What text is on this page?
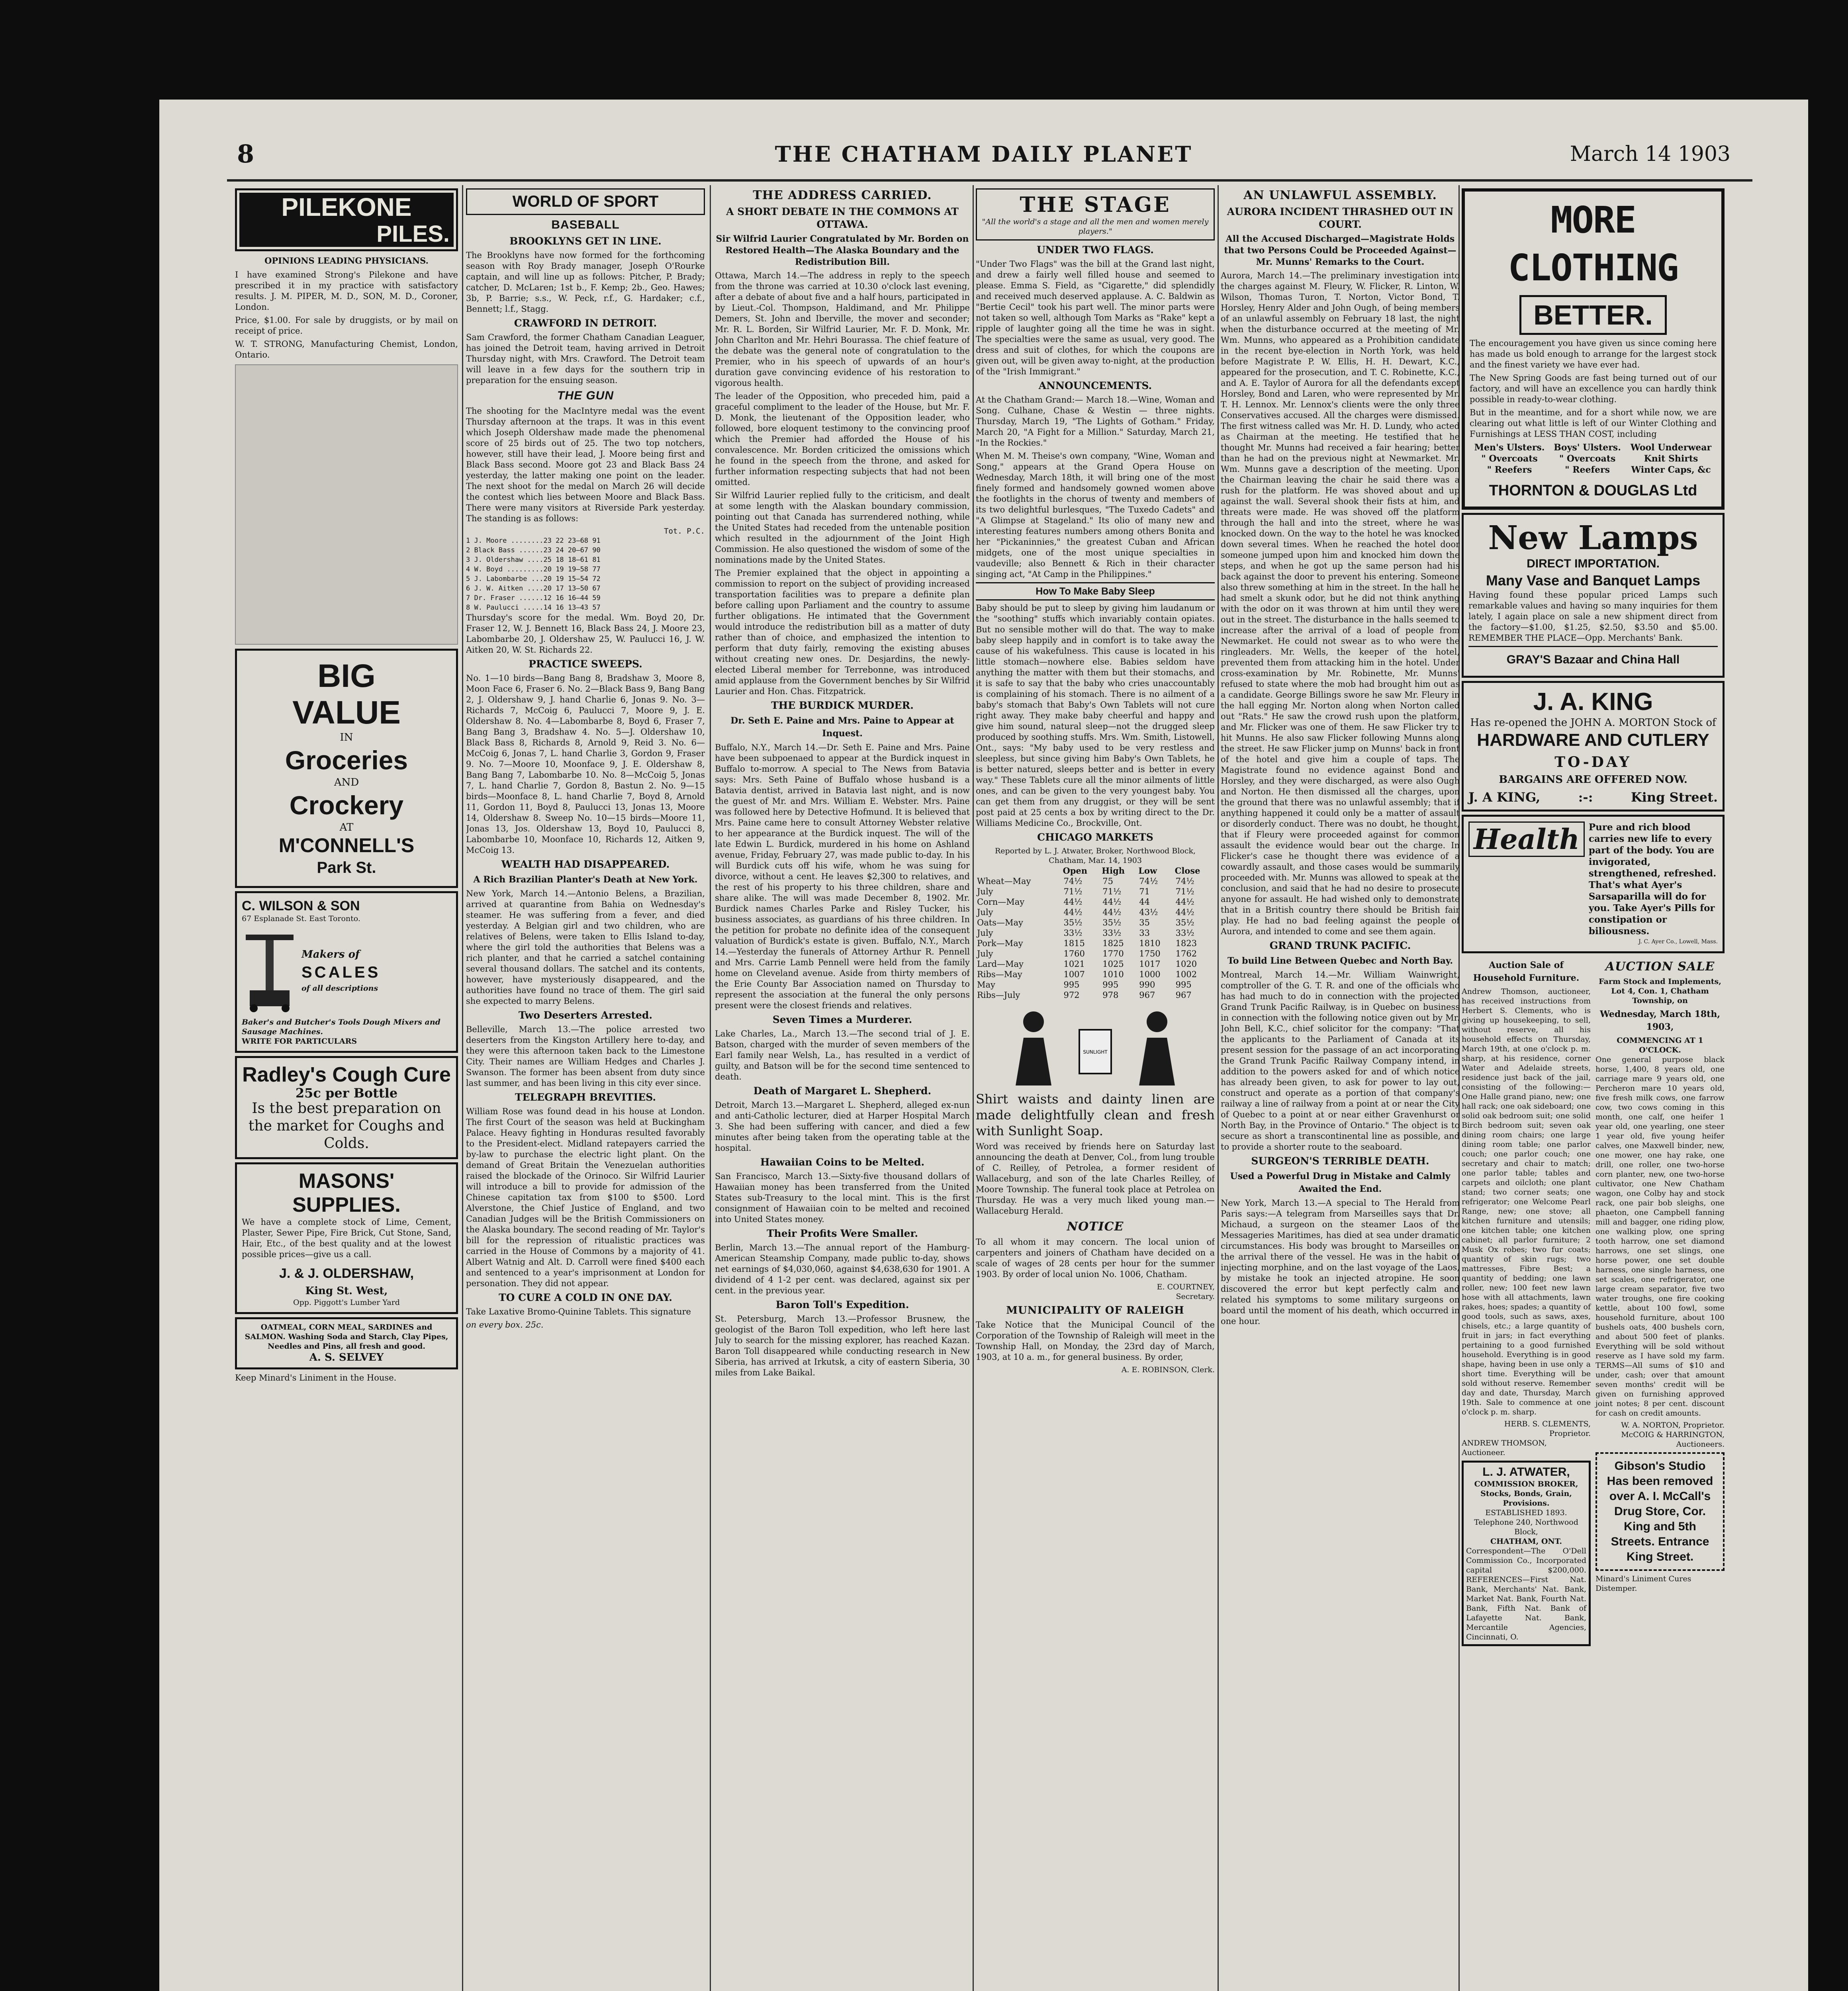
8	THE CHATHAM DAILY PLANET	March 14 1903
PILEKONE
PILES.
OPINIONS LEADING PHYSICIANS.

I have examined Strong's Pilekone and have prescribed it in my practice with satisfactory results. J. M. PIPER, M. D., SON, M. D., Coroner, London.

Price, $1.00. For sale by druggists, or by mail on receipt of price.

W. T. STRONG, Manufacturing Chemist, London, Ontario.

BIG
VALUE
IN
Groceries
AND
Crockery
AT
M'CONNELL'S
Park St.
C. WILSON & SON
67 Esplanade St. East Toronto.
Makers of
SCALES
of all descriptions
Baker's and Butcher's Tools Dough Mixers and Sausage Machines.
WRITE FOR PARTICULARS
Radley's Cough Cure
25c per Bottle
Is the best preparation on the market for Coughs and Colds.
MASONS' SUPPLIES.

We have a complete stock of Lime, Cement, Plaster, Sewer Pipe, Fire Brick, Cut Stone, Sand, Hair, Etc., of the best quality and at the lowest possible prices—give us a call.

J. & J. OLDERSHAW,
King St. West,
Opp. Piggott's Lumber Yard
OATMEAL, CORN MEAL, SARDINES and SALMON. Washing Soda and Starch, Clay Pipes, Needles and Pins, all fresh and good.
A. S. SELVEY

Keep Minard's Liniment in the House.

WORLD OF SPORT
BASEBALL
BROOKLYNS GET IN LINE.

The Brooklyns have now formed for the forthcoming season with Roy Brady manager, Joseph O'Rourke captain, and will line up as follows: Pitcher, P. Brady; catcher, D. McLaren; 1st b., F. Kemp; 2b., Geo. Hawes; 3b, P. Barrie; s.s., W. Peck, r.f., G. Hardaker; c.f., Bennett; l.f., Stagg.

CRAWFORD IN DETROIT.

Sam Crawford, the former Chatham Canadian Leaguer, has joined the Detroit team, having arrived in Detroit Thursday night, with Mrs. Crawford. The Detroit team will leave in a few days for the southern trip in preparation for the ensuing season.

THE GUN

The shooting for the MacIntyre medal was the event Thursday afternoon at the traps. It was in this event which Joseph Oldershaw made made the phenomenal score of 25 birds out of 25. The two top notchers, however, still have their lead, J. Moore being first and Black Bass second. Moore got 23 and Black Bass 24 yesterday, the latter making one point on the leader. The next shoot for the medal on March 26 will decide the contest which lies between Moore and Black Bass. There were many visitors at Riverside Park yesterday. The standing is as follows:

Tot. P.C.
1 J. Moore ........23 22 23—68 91
2 Black Bass ......23 24 20—67 90
3 J. Oldershaw ....25 18 18—61 81
4 W. Boyd .........20 19 19—58 77
5 J. Labombarbe ...20 19 15—54 72
6 J. W. Aitken ....20 17 13—50 67
7 Dr. Fraser ......12 16 16—44 59
8 W. Paulucci .....14 16 13—43 57

Thursday's score for the medal. Wm. Boyd 20, Dr. Fraser 12, W. J. Bennett 16, Black Bass 24, J. Moore 23, Labombarbe 20, J. Oldershaw 25, W. Paulucci 16, J. W. Aitken 20, W. St. Richards 22.

PRACTICE SWEEPS.

No. 1—10 birds—Bang Bang 8, Bradshaw 3, Moore 8, Moon Face 6, Fraser 6. No. 2—Black Bass 9, Bang Bang 2, J. Oldershaw 9, J. hand Charlie 6, Jonas 9. No. 3—Richards 7, McCoig 6, Paulucci 7, Moore 9, J. E. Oldershaw 8. No. 4—Labombarbe 8, Boyd 6, Fraser 7, Bang Bang 3, Bradshaw 4. No. 5—J. Oldershaw 10, Black Bass 8, Richards 8, Arnold 9, Reid 3. No. 6—McCoig 6, Jonas 7, L. hand Charlie 3, Gordon 9, Fraser 9. No. 7—Moore 10, Moonface 9, J. E. Oldershaw 8, Bang Bang 7, Labombarbe 10. No. 8—McCoig 5, Jonas 7, L. hand Charlie 7, Gordon 8, Bastun 2. No. 9—15 birds—Moonface 8, L. hand Charlie 7, Boyd 8, Arnold 11, Gordon 11, Boyd 8, Paulucci 13, Jonas 13, Moore 14, Oldershaw 8. Sweep No. 10—15 birds—Moore 11, Jonas 13, Jos. Oldershaw 13, Boyd 10, Paulucci 8, Labombarbe 10, Moonface 10, Richards 12, Aitken 9, McCoig 13.

WEALTH HAD DISAPPEARED.
A Rich Brazilian Planter's Death at New York.

New York, March 14.—Antonio Belens, a Brazilian, arrived at quarantine from Bahia on Wednesday's steamer. He was suffering from a fever, and died yesterday. A Belgian girl and two children, who are relatives of Belens, were taken to Ellis Island to-day, where the girl told the authorities that Belens was a rich planter, and that he carried a satchel containing several thousand dollars. The satchel and its contents, however, have mysteriously disappeared, and the authorities have found no trace of them. The girl said she expected to marry Belens.

Two Deserters Arrested.

Belleville, March 13.—The police arrested two deserters from the Kingston Artillery here to-day, and they were this afternoon taken back to the Limestone City. Their names are William Hedges and Charles J. Swanson. The former has been absent from duty since last summer, and has been living in this city ever since.

TELEGRAPH BREVITIES.

William Rose was found dead in his house at London. The first Court of the season was held at Buckingham Palace. Heavy fighting in Honduras resulted favorably to the President-elect. Midland ratepayers carried the by-law to purchase the electric light plant. On the demand of Great Britain the Venezuelan authorities raised the blockade of the Orinoco. Sir Wilfrid Laurier will introduce a bill to provide for admission of the Chinese capitation tax from $100 to $500. Lord Alverstone, the Chief Justice of England, and two Canadian Judges will be the British Commissioners on the Alaska boundary. The second reading of Mr. Taylor's bill for the repression of ritualistic practices was carried in the House of Commons by a majority of 41. Albert Watnig and Alt. D. Carroll were fined $400 each and sentenced to a year's imprisonment at London for personation. They did not appear.

TO CURE A COLD IN ONE DAY.

Take Laxative Bromo-Quinine Tablets. This signature

on every box. 25c.

THE ADDRESS CARRIED.
A SHORT DEBATE IN THE COMMONS AT OTTAWA.
Sir Wilfrid Laurier Congratulated by Mr. Borden on Restored Health—The Alaska Boundary and the Redistribution Bill.

Ottawa, March 14.—The address in reply to the speech from the throne was carried at 10.30 o'clock last evening, after a debate of about five and a half hours, participated in by Lieut.-Col. Thompson, Haldimand, and Mr. Philippe Demers, St. John and Iberville, the mover and seconder; Mr. R. L. Borden, Sir Wilfrid Laurier, Mr. F. D. Monk, Mr. John Charlton and Mr. Hehri Bourassa. The chief feature of the debate was the general note of congratulation to the Premier, who in his speech of upwards of an hour's duration gave convincing evidence of his restoration to vigorous health.

The leader of the Opposition, who preceded him, paid a graceful compliment to the leader of the House, but Mr. F. D. Monk, the lieutenant of the Opposition leader, who followed, bore eloquent testimony to the convincing proof which the Premier had afforded the House of his convalescence. Mr. Borden criticized the omissions which he found in the speech from the throne, and asked for further information respecting subjects that had not been omitted.

Sir Wilfrid Laurier replied fully to the criticism, and dealt at some length with the Alaskan boundary commission, pointing out that Canada has surrendered nothing, while the United States had receded from the untenable position which resulted in the adjournment of the Joint High Commission. He also questioned the wisdom of some of the nominations made by the United States.

The Premier explained that the object in appointing a commission to report on the subject of providing increased transportation facilities was to prepare a definite plan before calling upon Parliament and the country to assume further obligations. He intimated that the Government would introduce the redistribution bill as a matter of duty rather than of choice, and emphasized the intention to perform that duty fairly, removing the existing abuses without creating new ones. Dr. Desjardins, the newly-elected Liberal member for Terrebonne, was introduced amid applause from the Government benches by Sir Wilfrid Laurier and Hon. Chas. Fitzpatrick.

THE BURDICK MURDER.
Dr. Seth E. Paine and Mrs. Paine to Appear at Inquest.

Buffalo, N.Y., March 14.—Dr. Seth E. Paine and Mrs. Paine have been subpoenaed to appear at the Burdick inquest in Buffalo to-morrow. A special to The News from Batavia says: Mrs. Seth Paine of Buffalo whose husband is a Batavia dentist, arrived in Batavia last night, and is now the guest of Mr. and Mrs. William E. Webster. Mrs. Paine was followed here by Detective Hofmund. It is believed that Mrs. Paine came here to consult Attorney Webster relative to her appearance at the Burdick inquest. The will of the late Edwin L. Burdick, murdered in his home on Ashland avenue, Friday, February 27, was made public to-day. In his will Burdick cuts off his wife, whom he was suing for divorce, without a cent. He leaves $2,300 to relatives, and the rest of his property to his three children, share and share alike. The will was made December 8, 1902. Mr. Burdick names Charles Parke and Risley Tucker, his business associates, as guardians of his three children. In the petition for probate no definite idea of the consequent valuation of Burdick's estate is given. Buffalo, N.Y., March 14.—Yesterday the funerals of Attorney Arthur R. Pennell and Mrs. Carrie Lamb Pennell were held from the family home on Cleveland avenue. Aside from thirty members of the Erie County Bar Association named on Thursday to represent the association at the funeral the only persons present were the closest friends and relatives.

Seven Times a Murderer.

Lake Charles, La., March 13.—The second trial of J. E. Batson, charged with the murder of seven members of the Earl family near Welsh, La., has resulted in a verdict of guilty, and Batson will be for the second time sentenced to death.

Death of Margaret L. Shepherd.

Detroit, March 13.—Margaret L. Shepherd, alleged ex-nun and anti-Catholic lecturer, died at Harper Hospital March 3. She had been suffering with cancer, and died a few minutes after being taken from the operating table at the hospital.

Hawaiian Coins to be Melted.

San Francisco, March 13.—Sixty-five thousand dollars of Hawaiian money has been transferred from the United States sub-Treasury to the local mint. This is the first consignment of Hawaiian coin to be melted and recoined into United States money.

Their Profits Were Smaller.

Berlin, March 13.—The annual report of the Hamburg-American Steamship Company, made public to-day, shows net earnings of $4,030,060, against $4,638,630 for 1901. A dividend of 4 1-2 per cent. was declared, against six per cent. in the previous year.

Baron Toll's Expedition.

St. Petersburg, March 13.—Professor Brusnew, the geologist of the Baron Toll expedition, who left here last July to search for the missing explorer, has reached Kazan. Baron Toll disappeared while conducting research in New Siberia, has arrived at Irkutsk, a city of eastern Siberia, 30 miles from Lake Baikal.

THE STAGE
"All the world's a stage and all the men and women merely players."
UNDER TWO FLAGS.

"Under Two Flags" was the bill at the Grand last night, and drew a fairly well filled house and seemed to please. Emma S. Field, as "Cigarette," did splendidly and received much deserved applause. A. C. Baldwin as "Bertie Cecil" took his part well. The minor parts were not taken so well, although Tom Marks as "Rake" kept a ripple of laughter going all the time he was in sight. The specialties were the same as usual, very good. The dress and suit of clothes, for which the coupons are given out, will be given away to-night, at the production of the "Irish Immigrant."

ANNOUNCEMENTS.

At the Chatham Grand:— March 18.—Wine, Woman and Song. Culhane, Chase & Westin — three nights. Thursday, March 19, "The Lights of Gotham." Friday, March 20, "A Fight for a Million." Saturday, March 21, "In the Rockies."

When M. M. Theise's own company, "Wine, Woman and Song," appears at the Grand Opera House on Wednesday, March 18th, it will bring one of the most finely formed and handsomely gowned women above the footlights in the chorus of twenty and members of its two delightful burlesques, "The Tuxedo Cadets" and "A Glimpse at Stageland." Its olio of many new and interesting features numbers among others Bonita and her "Pickaninnies," the greatest Cuban and African midgets, one of the most unique specialties in vaudeville; also Bennett & Rich in their character singing act, "At Camp in the Philippines."

How To Make Baby Sleep

Baby should be put to sleep by giving him laudanum or the "soothing" stuffs which invariably contain opiates. But no sensible mother will do that. The way to make baby sleep happily and in comfort is to take away the cause of his wakefulness. This cause is located in his little stomach—nowhere else. Babies seldom have anything the matter with them but their stomachs, and it is safe to say that the baby who cries unaccountably is complaining of his stomach. There is no ailment of a baby's stomach that Baby's Own Tablets will not cure right away. They make baby cheerful and happy and give him sound, natural sleep—not the drugged sleep produced by soothing stuffs. Mrs. Wm. Smith, Listowell, Ont., says: "My baby used to be very restless and sleepless, but since giving him Baby's Own Tablets, he is better natured, sleeps better and is better in every way." These Tablets cure all the minor ailments of little ones, and can be given to the very youngest baby. You can get them from any druggist, or they will be sent post paid at 25 cents a box by writing direct to the Dr. Williams Medicine Co., Brockville, Ont.

CHICAGO MARKETS
Reported by L. J. Atwater, Broker, Northwood Block, Chatham, Mar. 14, 1903
	Open	High	Low	Close
Wheat—May	74½	75	74½	74½
July	71½	71½	71	71½
Corn—May	44½	44½	44	44½
July	44½	44½	43½	44½
Oats—May	35½	35½	35	35½
July	33½	33½	33	33½
Pork—May	1815	1825	1810	1823
July	1760	1770	1750	1762
Lard—May	1021	1025	1017	1020
Ribs—May	1007	1010	1000	1002
May	995	995	990	995
Ribs—July	972	978	967	967
SUNLIGHT

Shirt waists and dainty linen are made delightfully clean and fresh with Sunlight Soap.

Word was received by friends here on Saturday last announcing the death at Denver, Col., from lung trouble of C. Reilley, of Petrolea, a former resident of Wallaceburg, and son of the late Charles Reilley, of Moore Township. The funeral took place at Petrolea on Thursday. He was a very much liked young man.—Wallaceburg Herald.

NOTICE

To all whom it may concern. The local union of carpenters and joiners of Chatham have decided on a scale of wages of 28 cents per hour for the summer 1903. By order of local union No. 1006, Chatham.

E. COURTNEY,
Secretary.
MUNICIPALITY OF RALEIGH

Take Notice that the Municipal Council of the Corporation of the Township of Raleigh will meet in the Township Hall, on Monday, the 23rd day of March, 1903, at 10 a. m., for general business. By order,

A. E. ROBINSON, Clerk.
AN UNLAWFUL ASSEMBLY.
AURORA INCIDENT THRASHED OUT IN COURT.
All the Accused Discharged—Magistrate Holds that two Persons Could be Proceeded Against—Mr. Munns' Remarks to the Court.

Aurora, March 14.—The preliminary investigation into the charges against M. Fleury, W. Flicker, R. Linton, W. Wilson, Thomas Turon, T. Norton, Victor Bond, T. Horsley, Henry Alder and John Ough, of being members of an unlawful assembly on February 18 last, the night when the disturbance occurred at the meeting of Mr. Wm. Munns, who appeared as a Prohibition candidate in the recent bye-election in North York, was held before Magistrate P. W. Ellis, H. H. Dewart, K.C., appeared for the prosecution, and T. C. Robinette, K.C., and A. E. Taylor of Aurora for all the defendants except Horsley, Bond and Laren, who were represented by Mr. T. H. Lennox. Mr. Lennox's clients were the only three Conservatives accused. All the charges were dismissed. The first witness called was Mr. H. D. Lundy, who acted as Chairman at the meeting. He testified that he thought Mr. Munns had received a fair hearing; better than he had on the previous night at Newmarket. Mr. Wm. Munns gave a description of the meeting. Upon the Chairman leaving the chair he said there was a rush for the platform. He was shoved about and up against the wall. Several shook their fists at him, and threats were made. He was shoved off the platform through the hall and into the street, where he was knocked down. On the way to the hotel he was knocked down several times. When he reached the hotel door someone jumped upon him and knocked him down the steps, and when he got up the same person had his back against the door to prevent his entering. Someone also threw something at him in the street. In the hall he had smelt a skunk odor, but he did not think anything with the odor on it was thrown at him until they were out in the street. The disturbance in the halls seemed to increase after the arrival of a load of people from Newmarket. He could not swear as to who were the ringleaders. Mr. Wells, the keeper of the hotel, prevented them from attacking him in the hotel. Under cross-examination by Mr. Robinette, Mr. Munns' refused to state where the mob had brought him out as a candidate. George Billings swore he saw Mr. Fleury in the hall egging Mr. Norton along when Norton called out "Rats." He saw the crowd rush upon the platform, and Mr. Flicker was one of them. He saw Flicker try to hit Munns. He also saw Flicker following Munns along the street. He saw Flicker jump on Munns' back in front of the hotel and give him a couple of taps. The Magistrate found no evidence against Bond and Horsley, and they were discharged, as were also Ough and Norton. He then dismissed all the charges, upon the ground that there was no unlawful assembly; that if anything happened it could only be a matter of assault or disorderly conduct. There was no doubt, he thought, that if Fleury were proceeded against for common assault the evidence would bear out the charge. In Flicker's case he thought there was evidence of a cowardly assault, and those cases would be summarily proceeded with. Mr. Munns was allowed to speak at the conclusion, and said that he had no desire to prosecute anyone for assault. He had wished only to demonstrate that in a British country there should be British fair play. He had no bad feeling against the people of Aurora, and intended to come and see them again.

GRAND TRUNK PACIFIC.
To build Line Between Quebec and North Bay.

Montreal, March 14.—Mr. William Wainwright, comptroller of the G. T. R. and one of the officials who has had much to do in connection with the projected Grand Trunk Pacific Railway, is in Quebec on business in connection with the following notice given out by Mr. John Bell, K.C., chief solicitor for the company: "That the applicants to the Parliament of Canada at its present session for the passage of an act incorporating the Grand Trunk Pacific Railway Company intend, in addition to the powers asked for and of which notice has already been given, to ask for power to lay out, construct and operate as a portion of that company's railway a line of railway from a point at or near the City of Quebec to a point at or near either Gravenhurst or North Bay, in the Province of Ontario." The object is to secure as short a transcontinental line as possible, and to provide a shorter route to the seaboard.

SURGEON'S TERRIBLE DEATH.
Used a Powerful Drug in Mistake and Calmly Awaited the End.

New York, March 13.—A special to The Herald from Paris says:—A telegram from Marseilles says that Dr. Michaud, a surgeon on the steamer Laos of the Messageries Maritimes, has died at sea under dramatic circumstances. His body was brought to Marseilles on the arrival there of the vessel. He was in the habit of injecting morphine, and on the last voyage of the Laos, by mistake he took an injected atropine. He soon discovered the error but kept perfectly calm and related his symptoms to some military surgeons on board until the moment of his death, which occurred in one hour.

MORE CLOTHING
BETTER.

The encouragement you have given us since coming here has made us bold enough to arrange for the largest stock and the finest variety we have ever had.

The New Spring Goods are fast being turned out of our factory, and will have an excellence you can hardly think possible in ready-to-wear clothing.

But in the meantime, and for a short while now, we are clearing out what little is left of our Winter Clothing and Furnishings at LESS THAN COST, including

Men's Ulsters.	Boys' Ulsters.	Wool Underwear
" Overcoats	" Overcoats	Knit Shirts
" Reefers	" Reefers	Winter Caps, &c
THORNTON & DOUGLAS Ltd
New Lamps
DIRECT IMPORTATION.
Many Vase and Banquet Lamps

Having found these popular priced Lamps such remarkable values and having so many inquiries for them lately, I again place on sale a new shipment direct from the factory—$1.00, $1.25, $2.50, $3.50 and $5.00. REMEMBER THE PLACE—Opp. Merchants' Bank.

GRAY'S Bazaar and China Hall
J. A. KING
Has re-opened the JOHN A. MORTON Stock of
HARDWARE AND CUTLERY
TO-DAY
BARGAINS ARE OFFERED NOW.
J. A KING,	:-:	King Street.
Health	Pure and rich blood carries new life to every part of the body. You are invigorated, strengthened, refreshed. That's what Ayer's Sarsaparilla will do for you. Take Ayer's Pills for constipation or biliousness.
J. C. Ayer Co., Lowell, Mass.
Auction Sale of Household Furniture.

Andrew Thomson, auctioneer, has received instructions from Herbert S. Clements, who is giving up housekeeping, to sell, without reserve, all his household effects on Thursday, March 19th, at one o'clock p. m. sharp, at his residence, corner Water and Adelaide streets, residence just back of the jail, consisting of the following:— One Halle grand piano, new; one hall rack; one oak sideboard; one solid oak bedroom suit; one solid Birch bedroom suit; seven oak dining room chairs; one large dining room table; one parlor couch; one parlor couch; one secretary and chair to match; one parlor table; tables and carpets and oilcloth; one plant stand; two corner seats; one refrigerator; one Welcome Pearl Range, new; one stove; all kitchen furniture and utensils; one kitchen table; one kitchen cabinet; all parlor furniture; 2 Musk Ox robes; two fur coats; quantity of skin rugs; two mattresses, Fibre Best; a quantity of bedding; one lawn roller, new; 100 feet new lawn hose with all attachments, lawn rakes, hoes; spades; a quantity of good tools, such as saws, axes, chisels, etc.; a large quantity of fruit in jars; in fact everything pertaining to a good furnished household. Everything is in good shape, having been in use only a short time. Everything will be sold without reserve. Remember day and date, Thursday, March 19th. Sale to commence at one o'clock p. m. sharp.

HERB. S. CLEMENTS, Proprietor.
ANDREW THOMSON, Auctioneer.
L. J. ATWATER,
COMMISSION BROKER,
Stocks, Bonds, Grain, Provisions.
ESTABLISHED 1893.
Telephone 240, Northwood Block,
CHATHAM, ONT.
Correspondent—The O'Dell Commission Co., Incorporated capital $200,000. REFERENCES—First Nat. Bank, Merchants' Nat. Bank, Market Nat. Bank, Fourth Nat. Bank, Fifth Nat. Bank of Lafayette Nat. Bank, Mercantile Agencies, Cincinnati, O.
AUCTION SALE
Farm Stock and Implements, Lot 4, Con. 1, Chatham Township, on
Wednesday, March 18th, 1903,
COMMENCING AT 1 O'CLOCK.

One general purpose black horse, 1,400, 8 years old, one carriage mare 9 years old, one Percheron mare 10 years old, five fresh milk cows, one farrow cow, two cows coming in this month, one calf, one heifer 1 year old, one yearling, one steer 1 year old, five young heifer calves, one Maxwell binder, new, one mower, one hay rake, one drill, one roller, one two-horse corn planter, new, one two-horse cultivator, one New Chatham wagon, one Colby hay and stock rack, one pair bob sleighs, one phaeton, one Campbell fanning mill and bagger, one riding plow, one walking plow, one spring tooth harrow, one set diamond harrows, one set slings, one horse power, one set double harness, one single harness, one set scales, one refrigerator, one large cream separator, five two water troughs, one fire cooking kettle, about 100 fowl, some household furniture, about 100 bushels oats, 400 bushels corn, and about 500 feet of planks. Everything will be sold without reserve as I have sold my farm. TERMS—All sums of $10 and under, cash; over that amount seven months' credit will be given on furnishing approved joint notes; 8 per cent. discount for cash on credit amounts.

W. A. NORTON, Proprietor.
McCOIG & HARRINGTON, Auctioneers.
Gibson's Studio Has been removed over A. I. McCall's Drug Store, Cor. King and 5th Streets. Entrance King Street.
Minard's Liniment Cures Distemper.
